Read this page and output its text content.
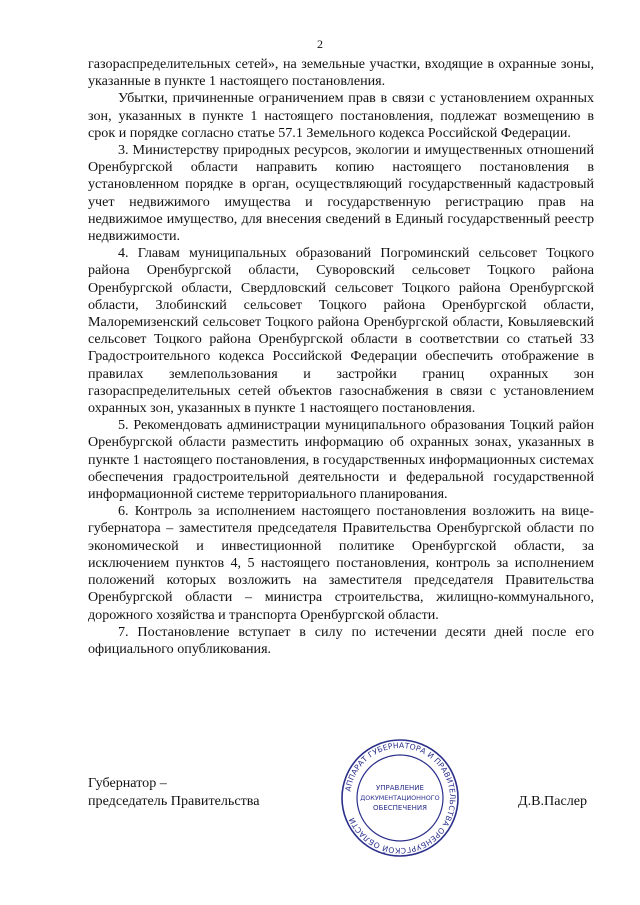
2

газораспределительных сетей», на земельные участки, входящие в охранные зоны, указанные в пункте 1 настоящего постановления.

Убытки, причиненные ограничением прав в связи с установлением охранных зон, указанных в пункте 1 настоящего постановления, подлежат возмещению в срок и порядке согласно статье 57.1 Земельного кодекса Российской Федерации.

3. Министерству природных ресурсов, экологии и имущественных отношений Оренбургской области направить копию настоящего постановления в установленном порядке в орган, осуществляющий государственный кадастровый учет недвижимого имущества и государственную регистрацию прав на недвижимое имущество, для внесения сведений в Единый государственный реестр недвижимости.

4. Главам муниципальных образований Погроминский сельсовет Тоцкого района Оренбургской области, Суворовский сельсовет Тоцкого района Оренбургской области, Свердловский сельсовет Тоцкого района Оренбургской области, Злобинский сельсовет Тоцкого района Оренбургской области, Малоремизенский сельсовет Тоцкого района Оренбургской области, Ковыляевский сельсовет Тоцкого района Оренбургской области в соответствии со статьей 33 Градостроительного кодекса Российской Федерации обеспечить отображение в правилах землепользования и застройки границ охранных зон газораспределительных сетей объектов газоснабжения в связи с установлением охранных зон, указанных в пункте 1 настоящего постановления.

5. Рекомендовать администрации муниципального образования Тоцкий район Оренбургской области разместить информацию об охранных зонах, указанных в пункте 1 настоящего постановления, в государственных информационных системах обеспечения градостроительной деятельности и федеральной государственной информационной системе территориального планирования.

6. Контроль за исполнением настоящего постановления возложить на вице-губернатора – заместителя председателя Правительства Оренбургской области по экономической и инвестиционной политике Оренбургской области, за исключением пунктов 4, 5 настоящего постановления, контроль за исполнением положений которых возложить на заместителя председателя Правительства Оренбургской области – министра строительства, жилищно-коммунального, дорожного хозяйства и транспорта Оренбургской области.

7. Постановление вступает в силу по истечении десяти дней после его официального опубликования.

Губернатор –
председатель Правительства
АППАРАТ ГУБЕРНАТОРА И ПРАВИТЕЛЬСТВА ОРЕНБУРГСКОЙ ОБЛАСТИ
УПРАВЛЕНИЕ
ДОКУМЕНТАЦИОННОГО
ОБЕСПЕЧЕНИЯ	Д.В.Паслер
